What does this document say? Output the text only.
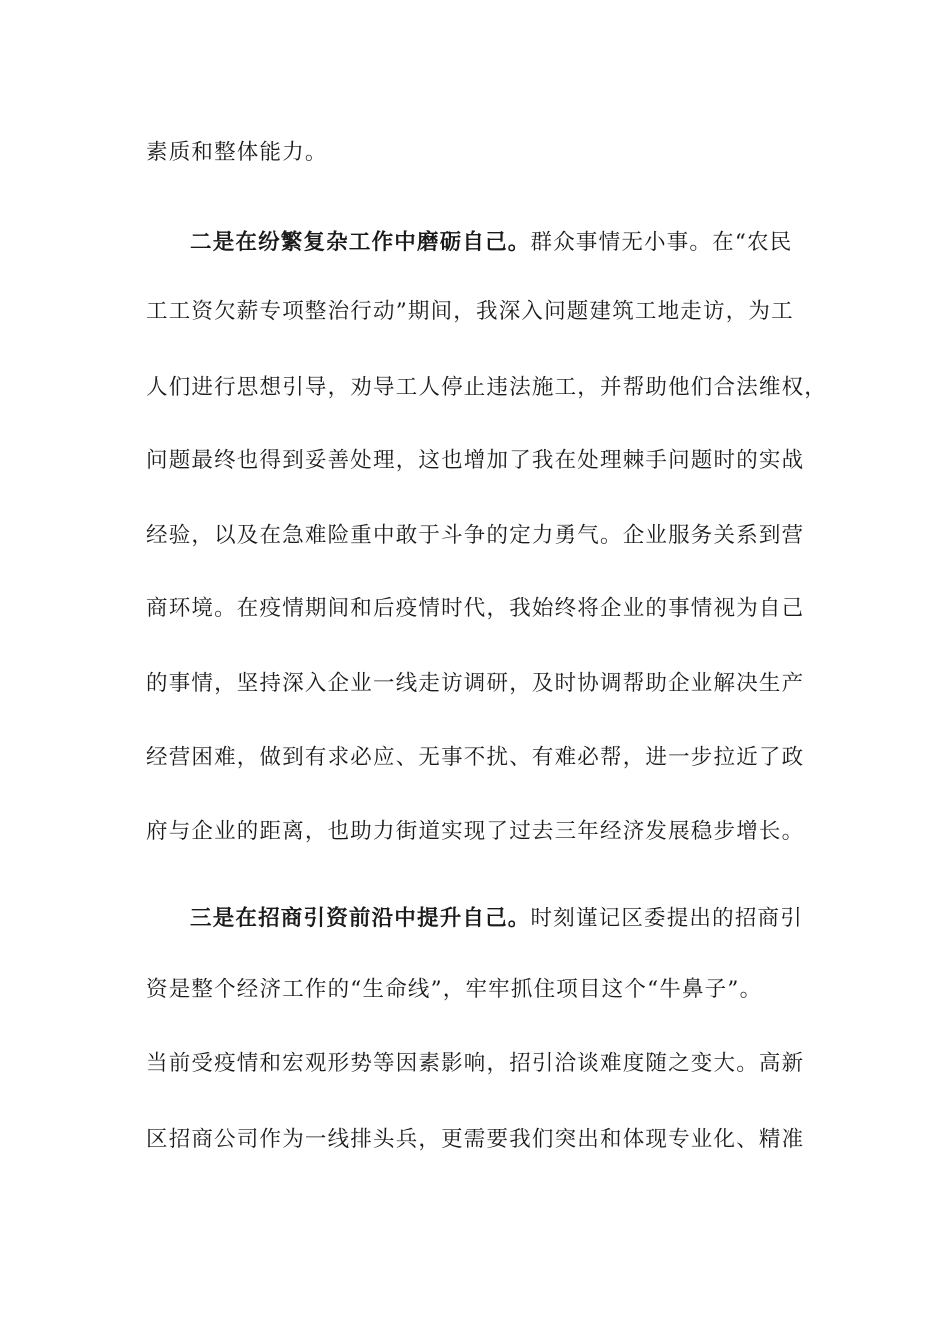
素质和整体能力。
二是在纷繁复杂工作中磨砺自己。群众事情无小事。在“农民
工工资欠薪专项整治行动”期间，我深入问题建筑工地走访，为工
人们进行思想引导，劝导工人停止违法施工，并帮助他们合法维权，
问题最终也得到妥善处理，这也增加了我在处理棘手问题时的实战
经验，以及在急难险重中敢于斗争的定力勇气。企业服务关系到营
商环境。在疫情期间和后疫情时代，我始终将企业的事情视为自己
的事情，坚持深入企业一线走访调研，及时协调帮助企业解决生产
经营困难，做到有求必应、无事不扰、有难必帮，进一步拉近了政
府与企业的距离，也助力街道实现了过去三年经济发展稳步增长。
三是在招商引资前沿中提升自己。时刻谨记区委提出的招商引
资是整个经济工作的“生命线”，牢牢抓住项目这个“牛鼻子”。
当前受疫情和宏观形势等因素影响，招引洽谈难度随之变大。高新
区招商公司作为一线排头兵，更需要我们突出和体现专业化、精准
